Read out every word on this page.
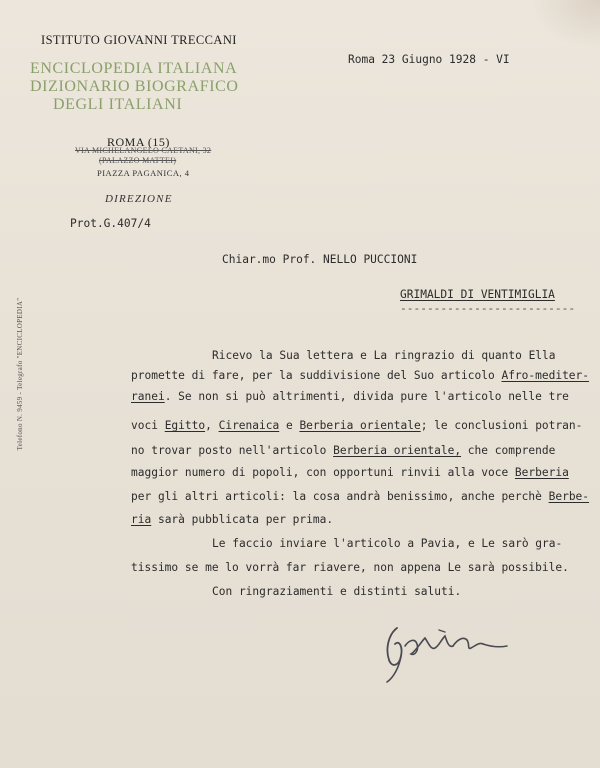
ISTITUTO GIOVANNI TRECCANI
ENCICLOPEDIA ITALIANA
DIZIONARIO BIOGRAFICO
DEGLI ITALIANI
ROMA (15)
VIA MICHELANGELO CAETANI, 32
(PALAZZO MATTEI)
PIAZZA PAGANICA, 4
DIREZIONE
Telefono N. 9459 - Telegrafo "ENCICLOPEDIA"
Roma 23 Giugno 1928 - VI
Prot.G.407/4
Chiar.mo Prof. NELLO PUCCIONI
GRIMALDI DI VENTIMIGLIA
--------------------------
Ricevo la Sua lettera e La ringrazio di quanto Ella
promette di fare, per la suddivisione del Suo articolo Afro-mediter-
ranei. Se non si può altrimenti, divida pure l'articolo nelle tre
voci Egitto, Cirenaica e Berberia orientale; le conclusioni potran-
no trovar posto nell'articolo Berberia orientale, che comprende
maggior numero di popoli, con opportuni rinvii alla voce Berberia
per gli altri articoli: la cosa andrà benissimo, anche perchè Berbe-
ria sarà pubblicata per prima.
Le faccio inviare l'articolo a Pavia, e Le sarò gra-
tissimo se me lo vorrà far riavere, non appena Le sarà possibile.
Con ringraziamenti e distinti saluti.
